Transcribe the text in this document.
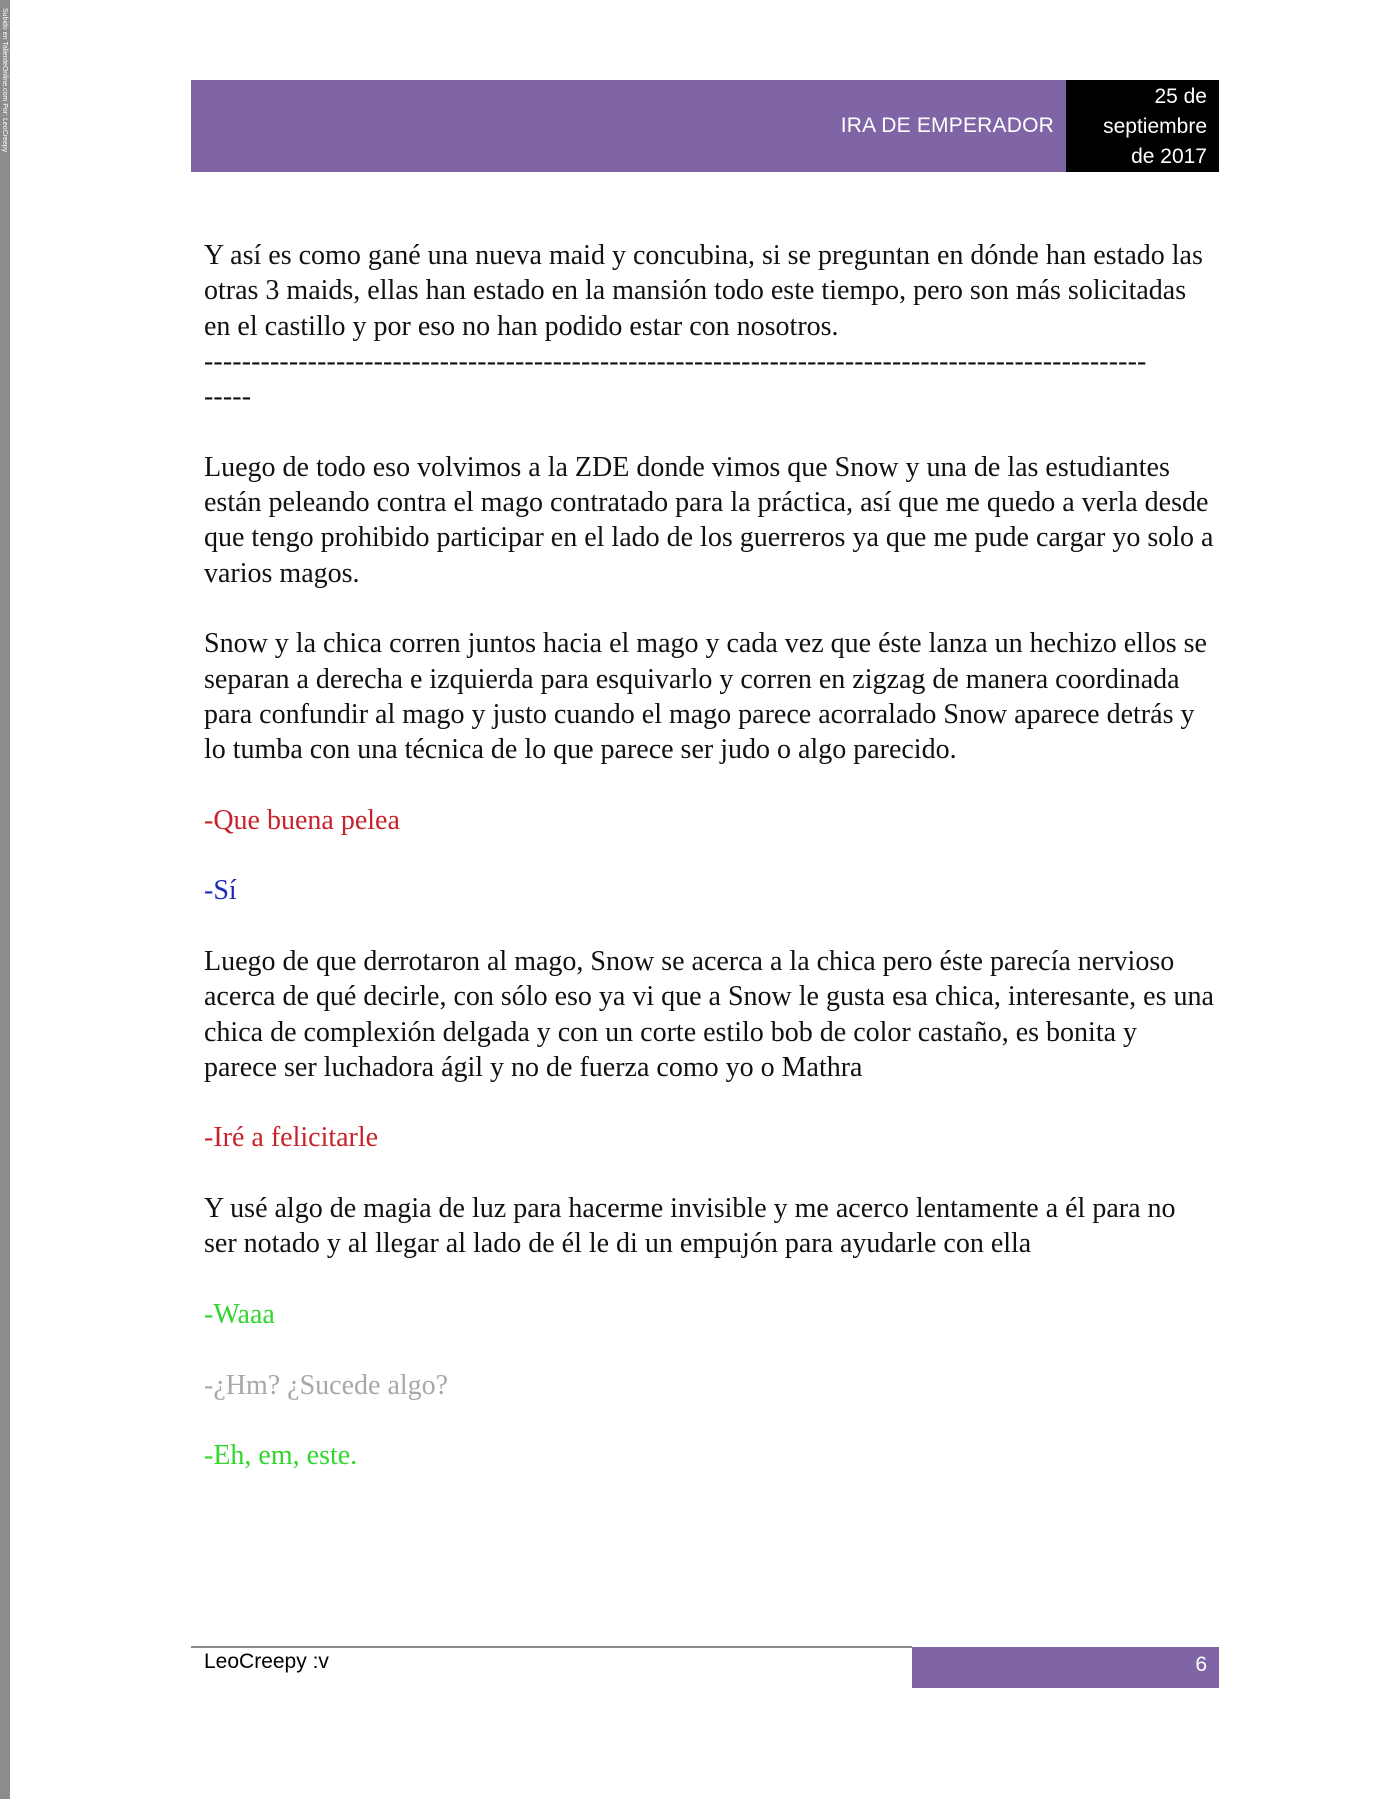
Subido en TallerdeOnline.com Por: LeoCreepy	IRA DE EMPERADOR
25 de
septiembre
de 2017

Y así es como gané una nueva maid y concubina, si se preguntan en dónde han estado las otras 3 maids, ellas han estado en la mansión todo este tiempo, pero son más solicitadas en el castillo y por eso no han podido estar con nosotros.

----------------------------------------------------------------------------------------------------
-----

Luego de todo eso volvimos a la ZDE donde vimos que Snow y una de las estudiantes están peleando contra el mago contratado para la práctica, así que me quedo a verla desde que tengo prohibido participar en el lado de los guerreros ya que me pude cargar yo solo a varios magos.

Snow y la chica corren juntos hacia el mago y cada vez que éste lanza un hechizo ellos se separan a derecha e izquierda para esquivarlo y corren en zigzag de manera coordinada para confundir al mago y justo cuando el mago parece acorralado Snow aparece detrás y lo tumba con una técnica de lo que parece ser judo o algo parecido.

-Que buena pelea

-Sí

Luego de que derrotaron al mago, Snow se acerca a la chica pero éste parecía nervioso acerca de qué decirle, con sólo eso ya vi que a Snow le gusta esa chica, interesante, es una chica de complexión delgada y con un corte estilo bob de color castaño, es bonita y parece ser luchadora ágil y no de fuerza como yo o Mathra

-Iré a felicitarle

Y usé algo de magia de luz para hacerme invisible y me acerco lentamente a él para no ser notado y al llegar al lado de él le di un empujón para ayudarle con ella

-Waaa

-¿Hm? ¿Sucede algo?

-Eh, em, este.

LeoCreepy :v	6
